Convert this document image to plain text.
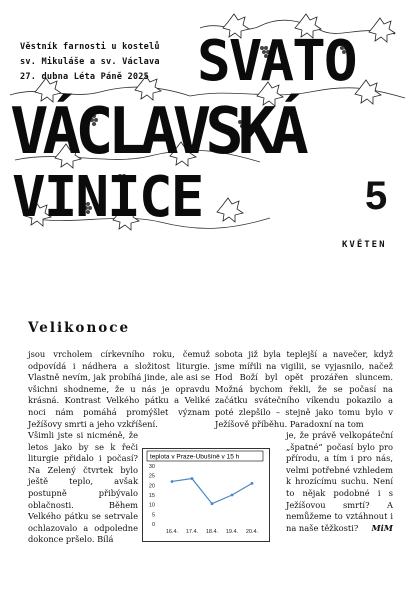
Věstník farnosti u kostelů
sv. Mikuláše a sv. Václava
27. dubna Léta Páně 2025 SVATO
VÁCLAVSKÁ
VINICE	5
KVĚTEN
Velikonoce

jsou vrcholem církevního roku, čemuž odpovídá i nádhera a složitost liturgie. Vlastně nevím, jak probíhá jinde, ale asi se všichni shodneme, že u nás je opravdu krásná. Kontrast Velkého pátku a Veliké noci nám pomáhá promýšlet význam Ježíšovy smrti a jeho vzkříšení.

Všimli jste si nicméně, že letos jako by se k řeči liturgie přidalo i počasí? Na Zelený čtvrtek bylo ještě teplo, avšak postupně přibývalo oblačnosti. Během Velkého pátku se setrvale ochlazovalo a odpoledne dokonce pršelo. Bílá

sobota již byla teplejší a navečer, když jsme mířili na vigilii, se vyjasnilo, načež Hod Boží byl opět prozářen sluncem. Možná bychom řekli, že se počasí na začátku svátečního víkendu pokazilo a poté zlepšilo – stejně jako tomu bylo v Ježíšově příběhu. Paradoxní na tom

je, že právě velkopáteční „špatné“ počasí bylo pro přírodu, a tím i pro nás, velmi potřebné vzhledem k hrozícímu suchu. Není to nějak podobné i s Ježíšovou smrtí? A nemůžeme to vztáhnout i na naše těžkosti? MiM

teplota v Praze-Ubušíně v 15 h
0
5
10
15
20
25
30
16.4. 17.4. 18.4. 19.4. 20.4.
